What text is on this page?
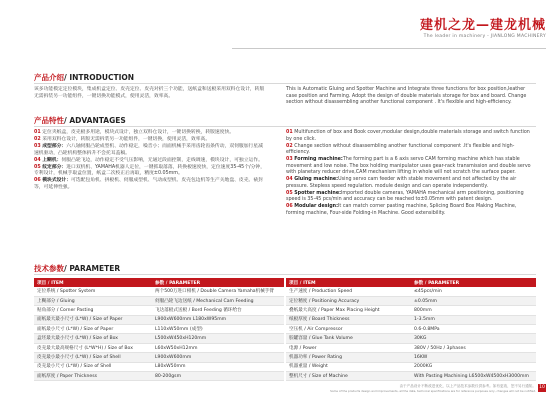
建机之龙—建龙机械
The leader in machinery - JIANLONG MACHINERY
产品介绍/ INTRODUCTION

该多功能模定定位模块，集成机盒定位、皮壳定位、皮壳对折三个功能，送纸盒和送板采用双料仓设计，转版无需拆装另一功能组件，一键切换功能模式，使用灵活，效率高。

This is Automatic Gluing and Spotter Machine and Integrate three functions for box position,leather case position and Farming. Adopt the design of double materials storage for box and board. Change section without disassembling another functional component . It's flexible and high-efficiency.

产品特性/ ADVANTAGES

01 定位夹纸盒，皮壳板多用途，模块式设计，独立双料仓设计，一键切换转换，转版速度快。

02 采用双料仓设计，转版无需拆装另一功能组件，一键切换，使用灵活，效率高。

03 成型部分：六八轴伺服凸轮成型机、动作稳定，噪音小；而面机械手采用齿轮齿条传动，双伺服加行星减速机驱动，凸轮机构整体拆升不会托耳盖稿。

04 上糊机：伺服凸轮飞边，动作稳定不受气压影响，无通过段面控制，走线调速，模块设计，可独立运作。

05 纹定部分：进口双机机、YAMAHA机器人定位，一键抓取落落，转换板速度快，定位速度35-45个/分钟，专利设计，机械手取盒位置，纸盒二次校正后再取，精度±0.05mm。

06 模块式设计：可选配包角机、拼板机、伺服成型机、气动成型机、皮壳包边机等生产关地盘、皮壳、裱封等，可延伸性强。

01 Multifunction of box and Book cover,modular design,double materials storage and switch function by one click.

02 Change section without disassembling another functional component .It's flexible and high-efficiency.

03 Forming machine:The forming part is a 6 axis servo CAM forming machine which has stable movement and low noise. The box holding manipulator uses gear-rack transmission and double servo with planetary reducer drive,CAM mechanism lifting in whole will not scratch the surface paper.

04 Gluing machine:Using servo cam feeder with stable movement and not affected by the air pressure. Stepless speed regulation. module design and can operate independently.

05 Spotter machine:Imported double cameras, YAMAHA mechanical arm positioning, positioning speed is 35-45 pcs/min and accuracy can be reached to±0.05mm with patent design.

06 Modular design:It can match corner pasting machine, Splicing Board Box Making Machine, forming machine, Four-side Folding-in Machine. Good extensibility.

技术参数/ PARAMETER
项目 / ITEM	参数 / PARAMETER
定位系统 / Spotter System	两个500万进口相机 / Double Camera Yamaha机械手臂
上糊部分 / Gluing	伺服凸轮飞边送纸 / Mechanical Cam Feeding
贴角部分 / Corner Pasting	飞达落板式送板 / Bord Feeding 循环给台
面纸最大最小尺寸 (L*W) / Size of Paper	L900xW600mm L180xW95mm
面纸最小尺寸 (L*W) / Size of Paper	L110xW50mm (成型)
盒坯最大最小尺寸 (L*W) / Size of Box	L500xW450xH120mm
皮壳最大最高规格尺寸 (L*W*H) / Size of Box	L60xW50xH12mm
皮壳最小最小尺寸 (L*W) / Size of Shell	L900xW600mm
皮壳最小尺寸 (L*W) / Size of Shell	L80xW50mm
面纸厚度 / Paper Thickness	80-200gsm
项目 / ITEM	参数 / PARAMETER
生产速度 / Production Speed	≤45pcs/min
定位精度 / Positioning Accuracy	±0.05mm
叠纸最大高度 / Paper Max Placing Height	800mm
纸板厚度 / Board Thickness	1-3.5mm
空压机 / Air Compressor	0.6-0.8MPa
胶罐容量 / Glue Tank Volume	30KG
电源 / Power	380V / 50Hz / 3phases
机器功率 / Power Rating	16KW
机器重量 / Weight	2000KG
整机尺寸 / Size of Machine	With Pasting Machining L6500xW4500xH3000mm
由于产品设计不断改进优化，以上产品技术参数仅供参考。如有更改，恕不另行通知。
Some of the products design and improvements, all the data, technical specifications are for reference purposes only, changes will not be notified.
10
